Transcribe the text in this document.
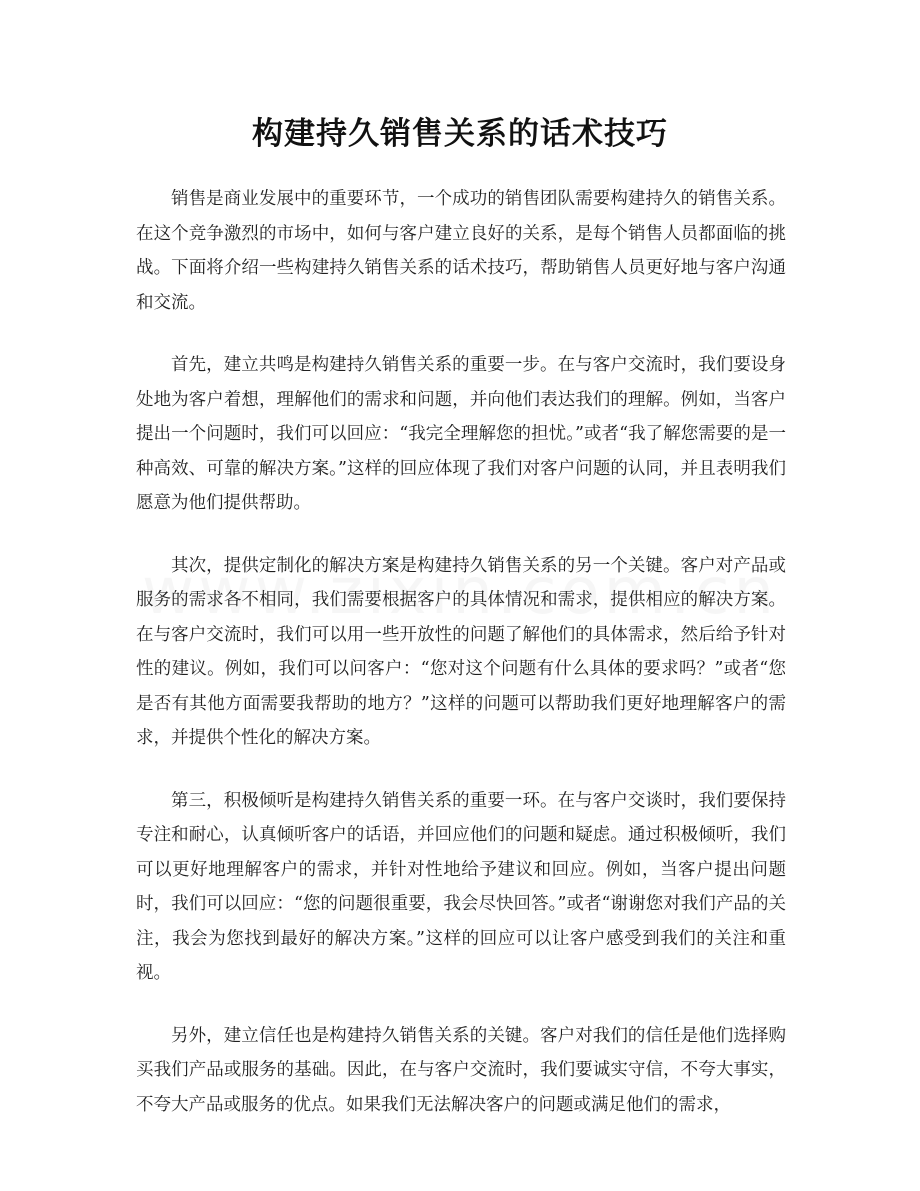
构建持久销售关系的话术技巧

销售是商业发展中的重要环节，一个成功的销售团队需要构建持久的销售关系。在这个竞争激烈的市场中，如何与客户建立良好的关系，是每个销售人员都面临的挑战。下面将介绍一些构建持久销售关系的话术技巧，帮助销售人员更好地与客户沟通和交流。

首先，建立共鸣是构建持久销售关系的重要一步。在与客户交流时，我们要设身处地为客户着想，理解他们的需求和问题，并向他们表达我们的理解。例如，当客户提出一个问题时，我们可以回应：“我完全理解您的担忧。”或者“我了解您需要的是一种高效、可靠的解决方案。”这样的回应体现了我们对客户问题的认同，并且表明我们愿意为他们提供帮助。

其次，提供定制化的解决方案是构建持久销售关系的另一个关键。客户对产品或服务的需求各不相同，我们需要根据客户的具体情况和需求，提供相应的解决方案。在与客户交流时，我们可以用一些开放性的问题了解他们的具体需求，然后给予针对性的建议。例如，我们可以问客户：“您对这个问题有什么具体的要求吗？”或者“您是否有其他方面需要我帮助的地方？”这样的问题可以帮助我们更好地理解客户的需求，并提供个性化的解决方案。

第三，积极倾听是构建持久销售关系的重要一环。在与客户交谈时，我们要保持专注和耐心，认真倾听客户的话语，并回应他们的问题和疑虑。通过积极倾听，我们可以更好地理解客户的需求，并针对性地给予建议和回应。例如，当客户提出问题时，我们可以回应：“您的问题很重要，我会尽快回答。”或者“谢谢您对我们产品的关注，我会为您找到最好的解决方案。”这样的回应可以让客户感受到我们的关注和重视。

另外，建立信任也是构建持久销售关系的关键。客户对我们的信任是他们选择购买我们产品或服务的基础。因此，在与客户交流时，我们要诚实守信，不夸大事实，不夸大产品或服务的优点。如果我们无法解决客户的问题或满足他们的需求，
